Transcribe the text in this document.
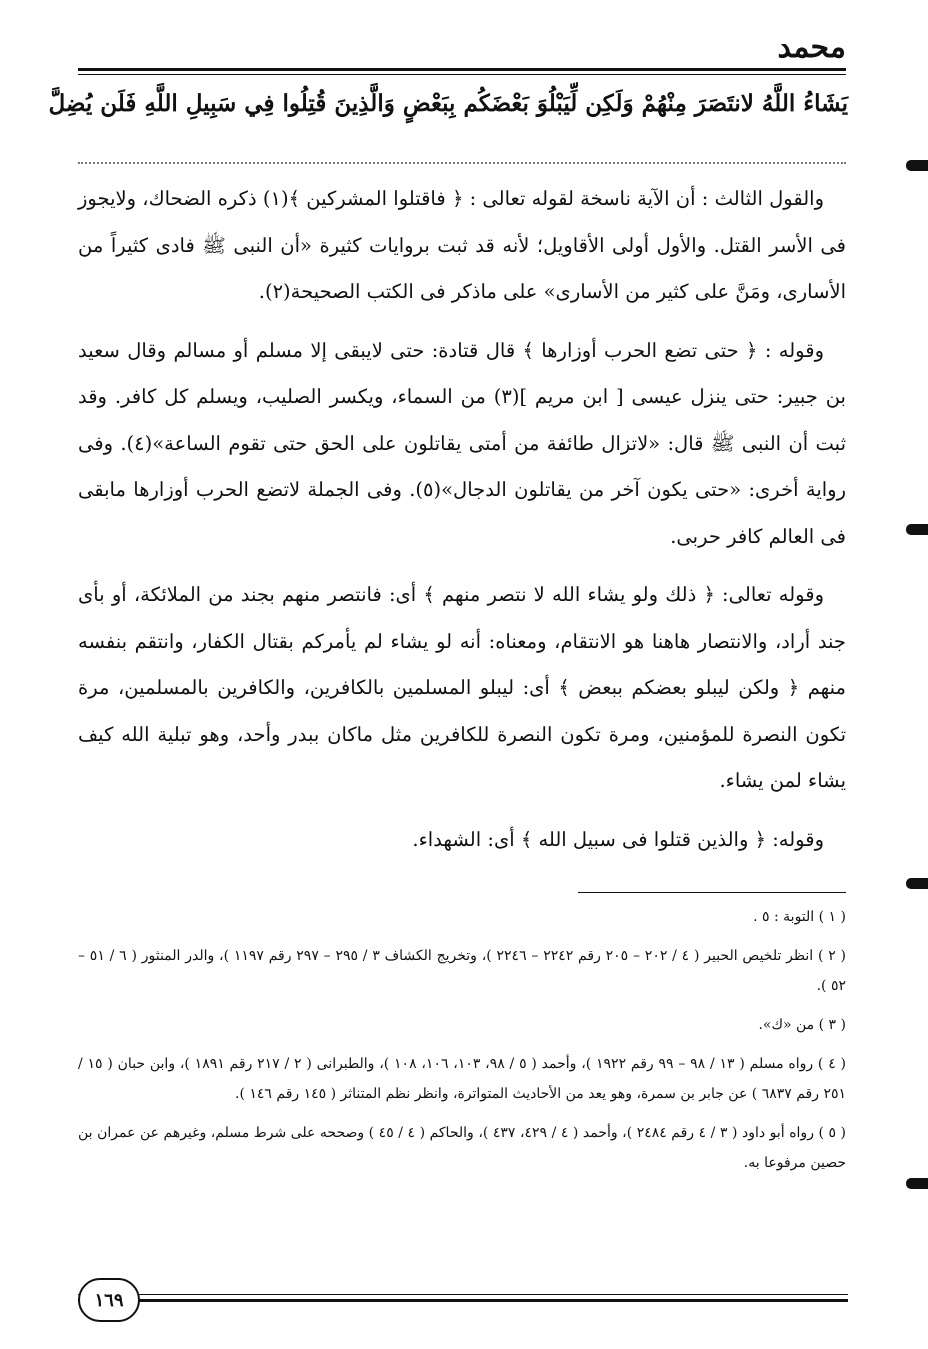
محمد
يَشَاءُ اللَّهُ لانتَصَرَ مِنْهُمْ وَلَكِن لِّيَبْلُوَ بَعْضَكُم بِبَعْضٍ وَالَّذِينَ قُتِلُوا فِي سَبِيلِ اللَّهِ فَلَن يُضِلَّ

والقول الثالث : أن الآية ناسخة لقوله تعالى : ﴿ فاقتلوا المشركين ﴾(١) ذكره الضحاك، ولايجوز فى الأسر القتل. والأول أولى الأقاويل؛ لأنه قد ثبت بروايات كثيرة «أن النبى ﷺ فادى كثيراً من الأسارى، ومَنَّ على كثير من الأسارى» على ماذكر فى الكتب الصحيحة(٢).

وقوله : ﴿ حتى تضع الحرب أوزارها ﴾ قال قتادة: حتى لايبقى إلا مسلم أو مسالم وقال سعيد بن جبير: حتى ينزل عيسى [ ابن مريم ](٣) من السماء، ويكسر الصليب، ويسلم كل كافر. وقد ثبت أن النبى ﷺ قال: «لاتزال طائفة من أمتى يقاتلون على الحق حتى تقوم الساعة»(٤). وفى رواية أخرى: «حتى يكون آخر من يقاتلون الدجال»(٥). وفى الجملة لاتضع الحرب أوزارها مابقى فى العالم كافر حربى.

وقوله تعالى: ﴿ ذلك ولو يشاء الله لا نتصر منهم ﴾ أى: فانتصر منهم بجند من الملائكة، أو بأى جند أراد، والانتصار هاهنا هو الانتقام، ومعناه: أنه لو يشاء لم يأمركم بقتال الكفار، وانتقم بنفسه منهم ﴿ ولكن ليبلو بعضكم ببعض ﴾ أى: ليبلو المسلمين بالكافرين، والكافرين بالمسلمين، مرة تكون النصرة للمؤمنين، ومرة تكون النصرة للكافرين مثل ماكان ببدر وأحد، وهو تبلية الله كيف يشاء لمن يشاء.

وقوله: ﴿ والذين قتلوا فى سبيل الله ﴾ أى: الشهداء.

( ١ ) التوبة : ٥ .

( ٢ ) انظر تلخيص الحبير ( ٤ / ٢٠٢ – ٢٠٥ رقم ٢٢٤٢ – ٢٢٤٦ )، وتخريج الكشاف ٣ / ٢٩٥ – ٢٩٧ رقم ١١٩٧ )، والدر المنثور ( ٦ / ٥١ – ٥٢ ).

( ٣ ) من «ك».

( ٤ ) رواه مسلم ( ١٣ / ٩٨ – ٩٩ رقم ١٩٢٢ )، وأحمد ( ٥ / ٩٨، ١٠٣، ١٠٦، ١٠٨ )، والطبرانى ( ٢ / ٢١٧ رقم ١٨٩١ )، وابن حبان ( ١٥ / ٢٥١ رقم ٦٨٣٧ ) عن جابر بن سمرة، وهو يعد من الأحاديث المتواترة، وانظر نظم المتناثر ( ١٤٥ رقم ١٤٦ ).

( ٥ ) رواه أبو داود ( ٣ / ٤ رقم ٢٤٨٤ )، وأحمد ( ٤ / ٤٢٩، ٤٣٧ )، والحاكم ( ٤ / ٤٥ ) وصححه على شرط مسلم، وغيرهم عن عمران بن حصين مرفوعا به.

١٦٩
